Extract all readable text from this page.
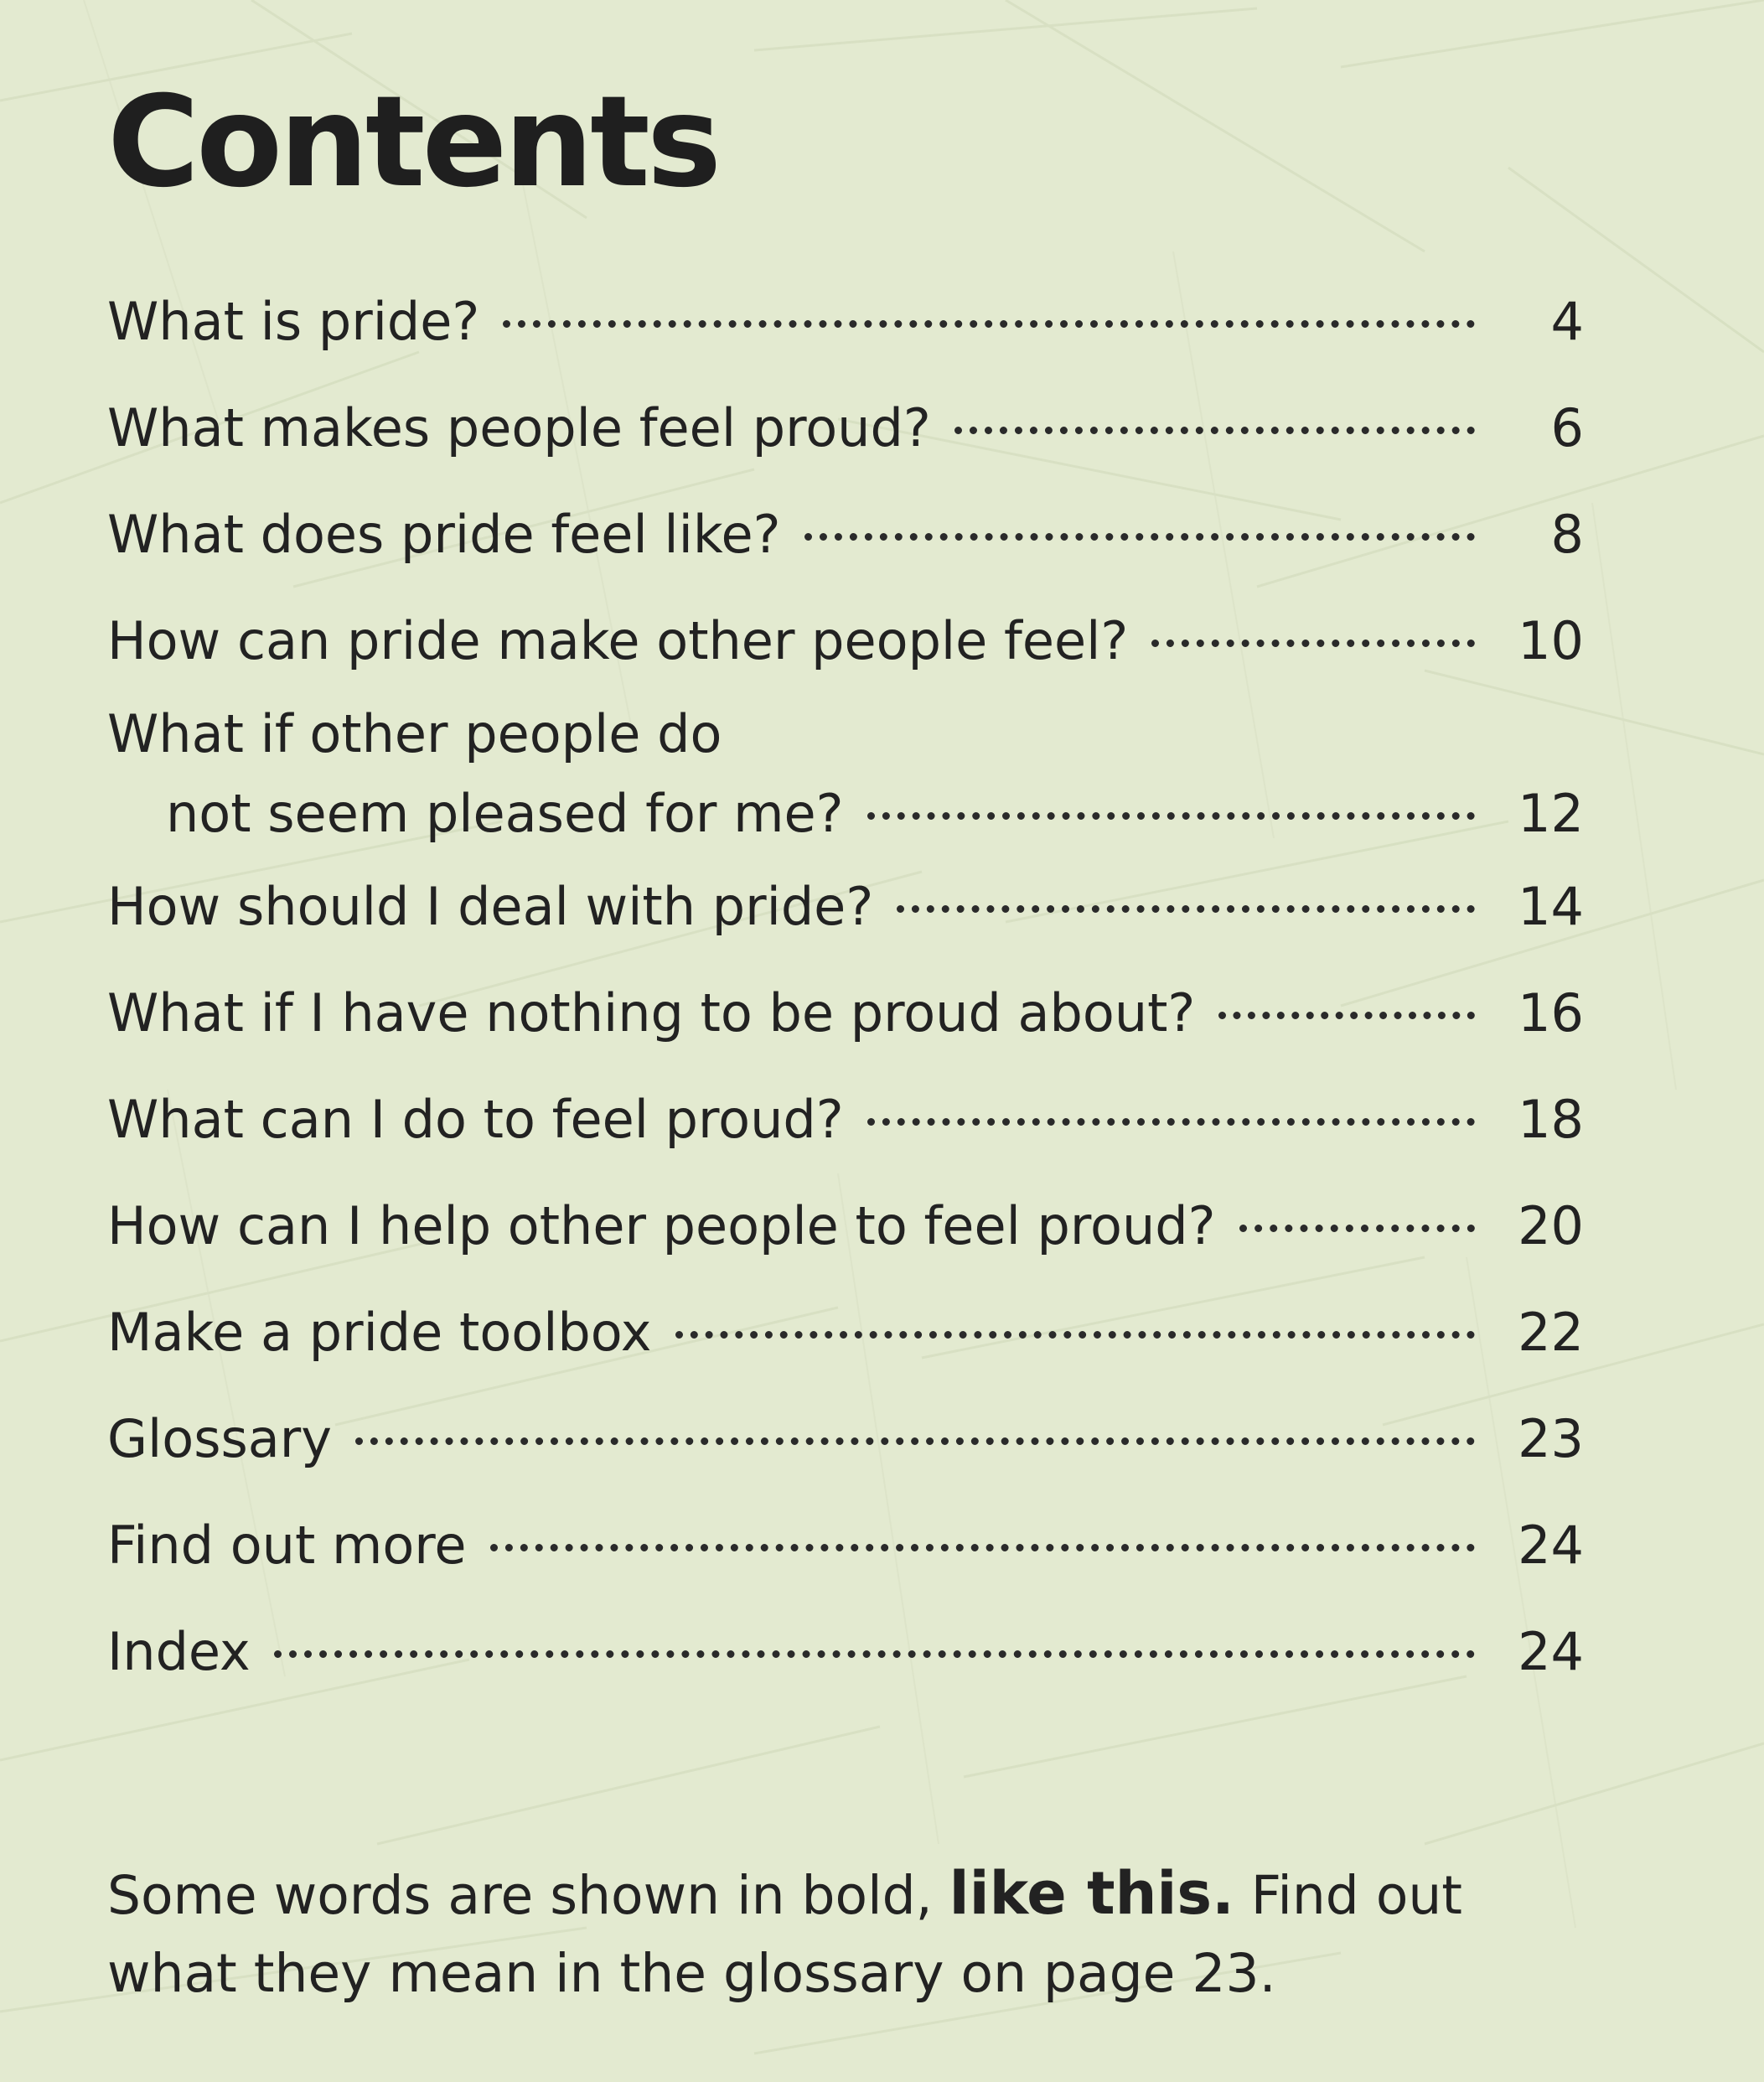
Contents
What is pride?	4
What makes people feel proud?	6
What does pride feel like?	8
How can pride make other people feel?	10
What if other people do
not seem pleased for me?	12
How should I deal with pride?	14
What if I have nothing to be proud about?	16
What can I do to feel proud?	18
How can I help other people to feel proud?	20
Make a pride toolbox	22
Glossary	23
Find out more	24
Index	24

Some words are shown in bold, like this. Find out what they mean in the glossary on page 23.
